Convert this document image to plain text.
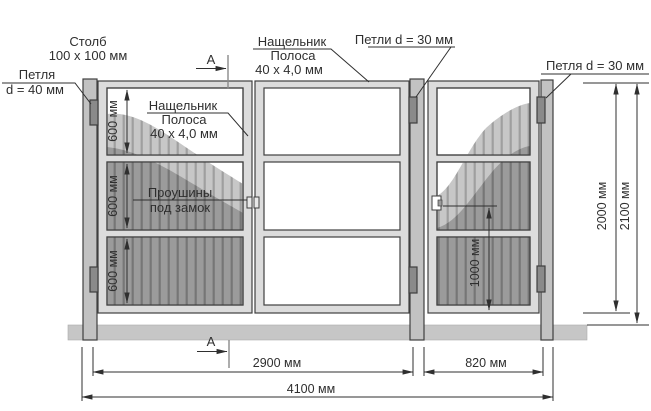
600 мм
600 мм
600 мм	1000 мм
2000 мм 2100 мм
2900 мм	820 мм
4100 мм
Столб
100 x 100 мм
Петля
d = 40 мм
Нащельник
Полоса
40 x 4,0 мм
Петли d = 30 мм
Петля d = 30 мм
Нащельник
Полоса
40 x 4,0 мм
Проушины
под замок
А
А
